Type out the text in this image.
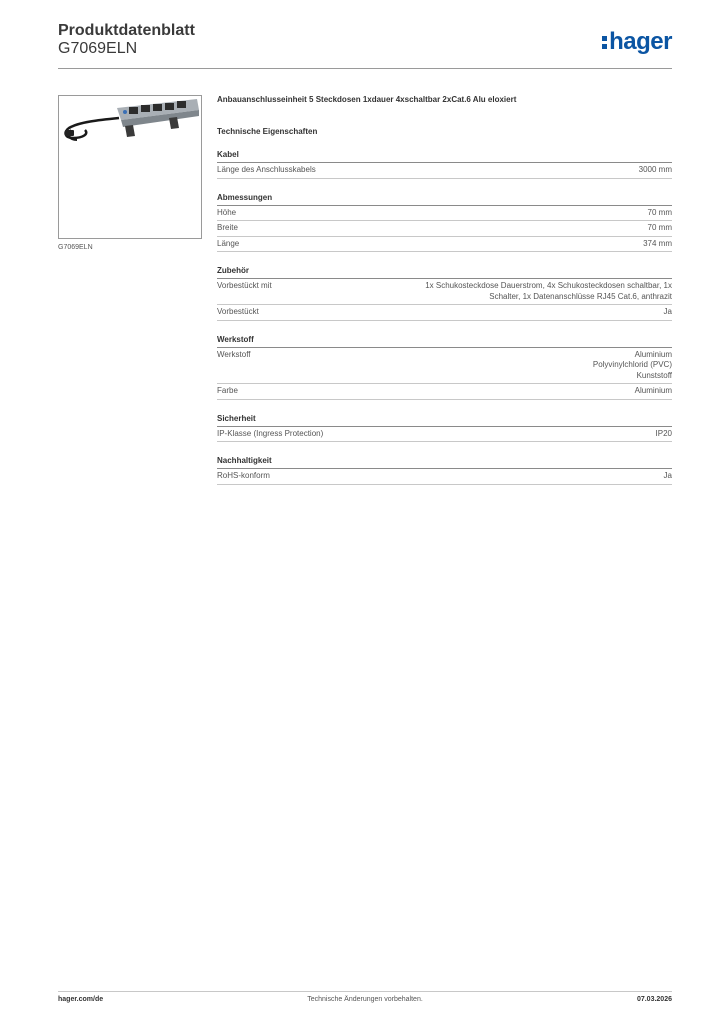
Produktdatenblatt
G7069ELN	hager
G7069ELN
Anbauanschlusseinheit 5 Steckdosen 1xdauer 4xschaltbar 2xCat.6 Alu eloxiert
Technische Eigenschaften
Kabel
Länge des Anschlusskabels	3000 mm
Abmessungen
Höhe	70 mm
Breite	70 mm
Länge	374 mm
Zubehör
Vorbestückt mit	1x Schukosteckdose Dauerstrom, 4x Schukosteckdosen schaltbar, 1x
Schalter, 1x Datenanschlüsse RJ45 Cat.6, anthrazit
Vorbestückt	Ja
Werkstoff
Werkstoff	Aluminium
Polyvinylchlorid (PVC)
Kunststoff
Farbe	Aluminium
Sicherheit
IP-Klasse (Ingress Protection)	IP20
Nachhaltigkeit
RoHS-konform	Ja
hager.com/de	Technische Änderungen vorbehalten.	07.03.2026
